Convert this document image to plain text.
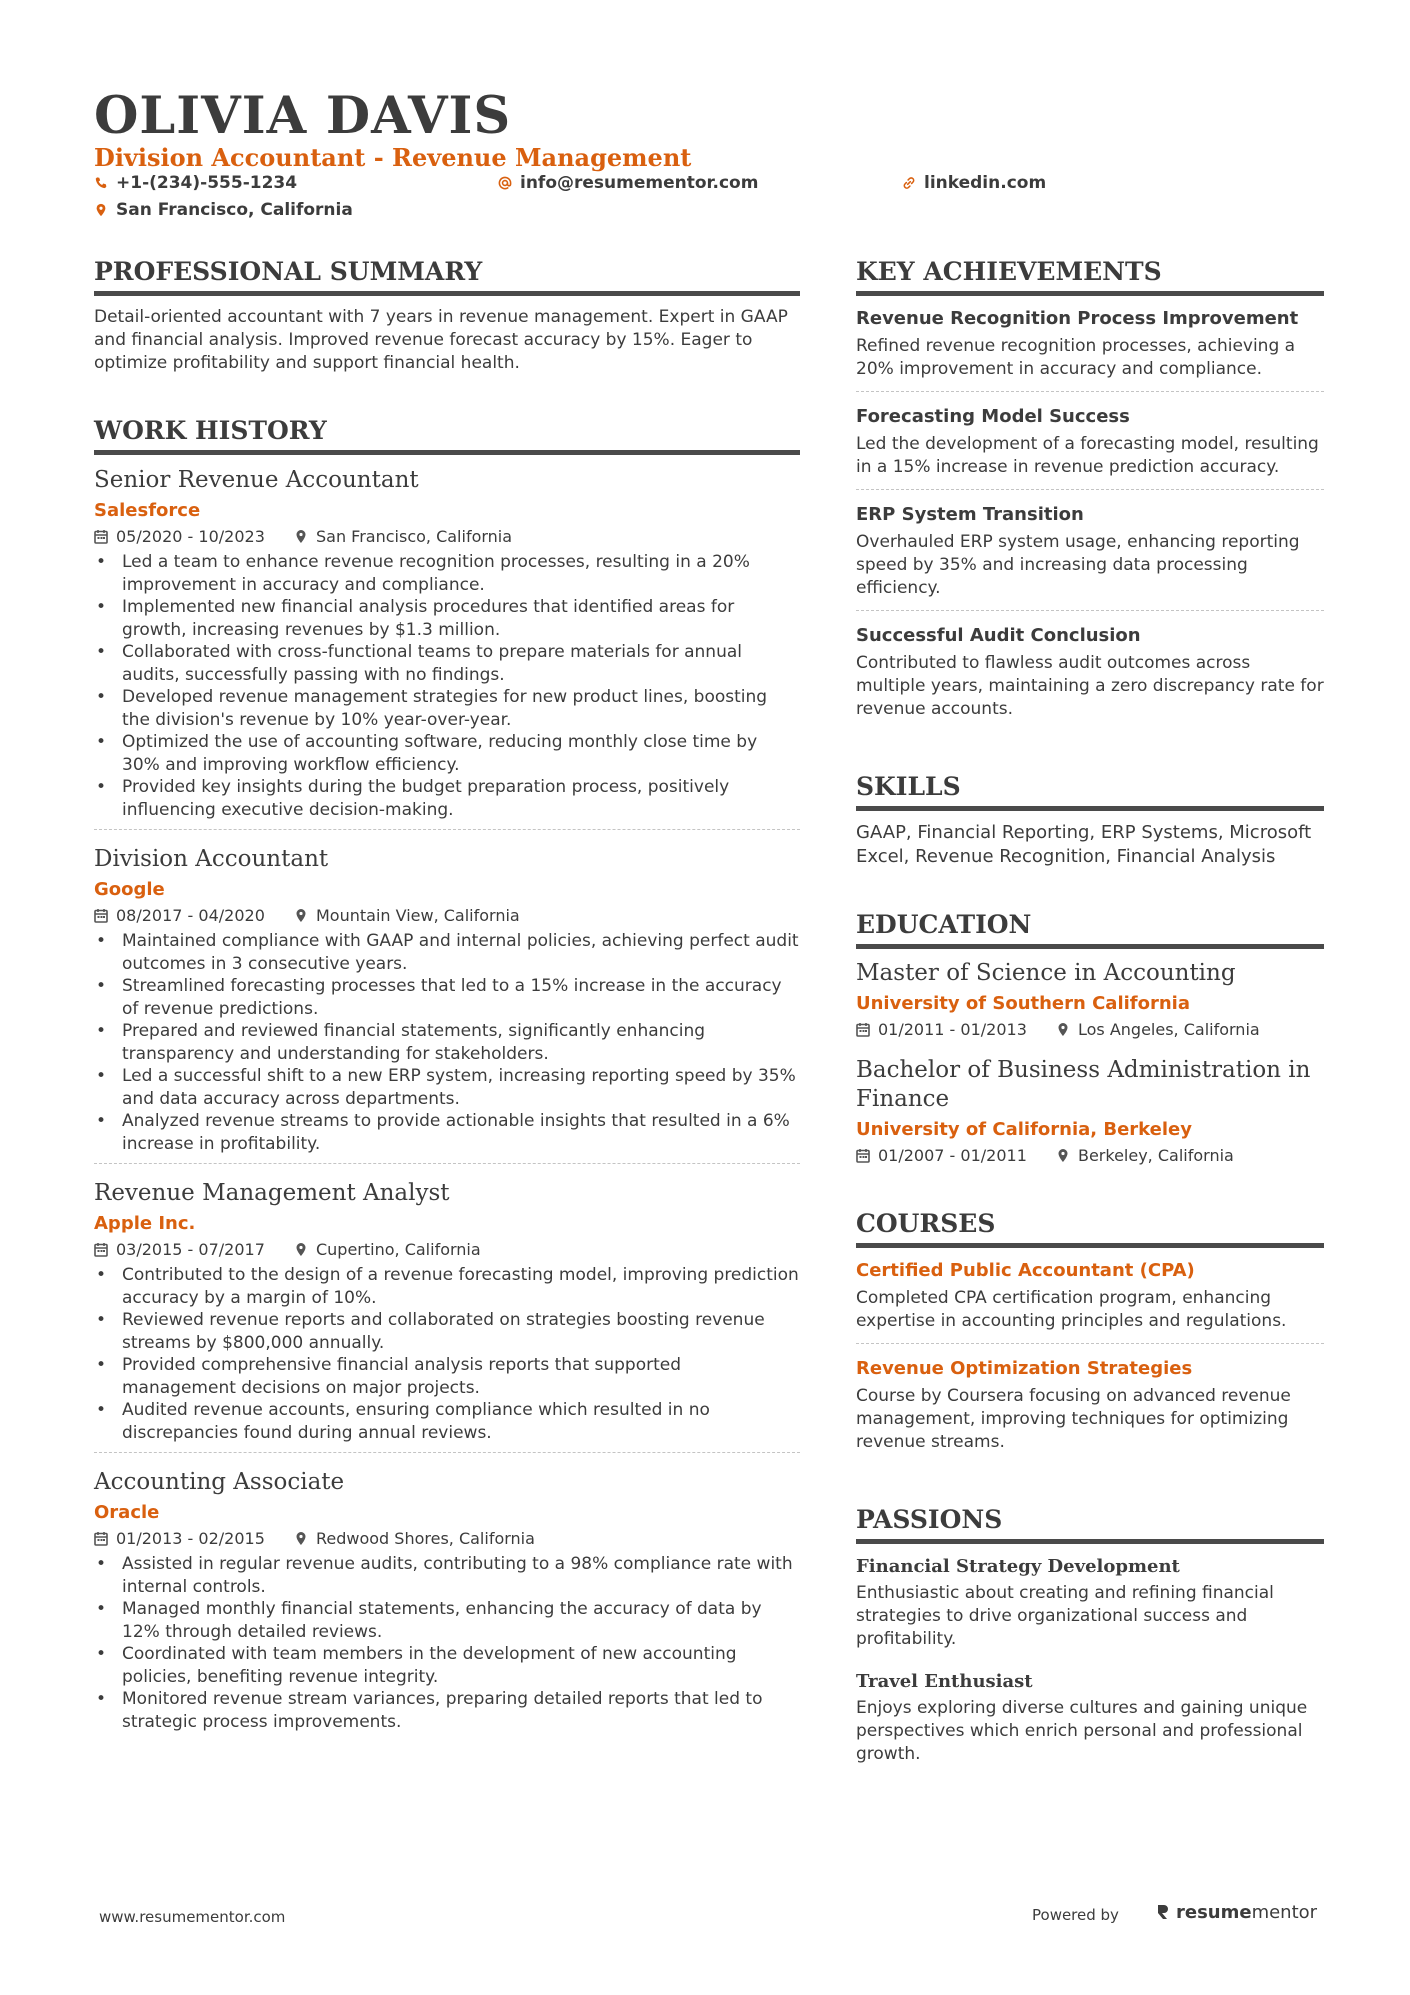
OLIVIA DAVIS
Division Accountant - Revenue Management
+1-(234)-555-1234	info@resumementor.com	linkedin.com
San Francisco, California
PROFESSIONAL SUMMARY
Detail-oriented accountant with 7 years in revenue management. Expert in GAAP and financial analysis. Improved revenue forecast accuracy by 15%. Eager to optimize profitability and support financial health.
WORK HISTORY
Senior Revenue Accountant
Salesforce
05/2020 - 10/2023	San Francisco, California
• Led a team to enhance revenue recognition processes, resulting in a 20% improvement in accuracy and compliance.
• Implemented new financial analysis procedures that identified areas for growth, increasing revenues by $1.3 million.
• Collaborated with cross-functional teams to prepare materials for annual audits, successfully passing with no findings.
• Developed revenue management strategies for new product lines, boosting the division's revenue by 10% year-over-year.
• Optimized the use of accounting software, reducing monthly close time by 30% and improving workflow efficiency.
• Provided key insights during the budget preparation process, positively influencing executive decision-making.
Division Accountant
Google
08/2017 - 04/2020	Mountain View, California
• Maintained compliance with GAAP and internal policies, achieving perfect audit outcomes in 3 consecutive years.
• Streamlined forecasting processes that led to a 15% increase in the accuracy of revenue predictions.
• Prepared and reviewed financial statements, significantly enhancing transparency and understanding for stakeholders.
• Led a successful shift to a new ERP system, increasing reporting speed by 35% and data accuracy across departments.
• Analyzed revenue streams to provide actionable insights that resulted in a 6% increase in profitability.
Revenue Management Analyst
Apple Inc.
03/2015 - 07/2017	Cupertino, California
• Contributed to the design of a revenue forecasting model, improving prediction accuracy by a margin of 10%.
• Reviewed revenue reports and collaborated on strategies boosting revenue streams by $800,000 annually.
• Provided comprehensive financial analysis reports that supported management decisions on major projects.
• Audited revenue accounts, ensuring compliance which resulted in no discrepancies found during annual reviews.
Accounting Associate
Oracle
01/2013 - 02/2015	Redwood Shores, California
• Assisted in regular revenue audits, contributing to a 98% compliance rate with internal controls.
• Managed monthly financial statements, enhancing the accuracy of data by 12% through detailed reviews.
• Coordinated with team members in the development of new accounting policies, benefiting revenue integrity.
• Monitored revenue stream variances, preparing detailed reports that led to strategic process improvements.
KEY ACHIEVEMENTS
Revenue Recognition Process Improvement
Refined revenue recognition processes, achieving a 20% improvement in accuracy and compliance.
Forecasting Model Success
Led the development of a forecasting model, resulting in a 15% increase in revenue prediction accuracy.
ERP System Transition
Overhauled ERP system usage, enhancing reporting speed by 35% and increasing data processing efficiency.
Successful Audit Conclusion
Contributed to flawless audit outcomes across multiple years, maintaining a zero discrepancy rate for revenue accounts.
SKILLS
GAAP, Financial Reporting, ERP Systems, Microsoft Excel, Revenue Recognition, Financial Analysis
EDUCATION
Master of Science in Accounting
University of Southern California
01/2011 - 01/2013	Los Angeles, California
Bachelor of Business Administration in Finance
University of California, Berkeley
01/2007 - 01/2011	Berkeley, California
COURSES
Certified Public Accountant (CPA)
Completed CPA certification program, enhancing expertise in accounting principles and regulations.
Revenue Optimization Strategies
Course by Coursera focusing on advanced revenue management, improving techniques for optimizing revenue streams.
PASSIONS
Financial Strategy Development
Enthusiastic about creating and refining financial strategies to drive organizational success and profitability.
Travel Enthusiast
Enjoys exploring diverse cultures and gaining unique perspectives which enrich personal and professional growth.
www.resumementor.com	Powered by	resumementor
